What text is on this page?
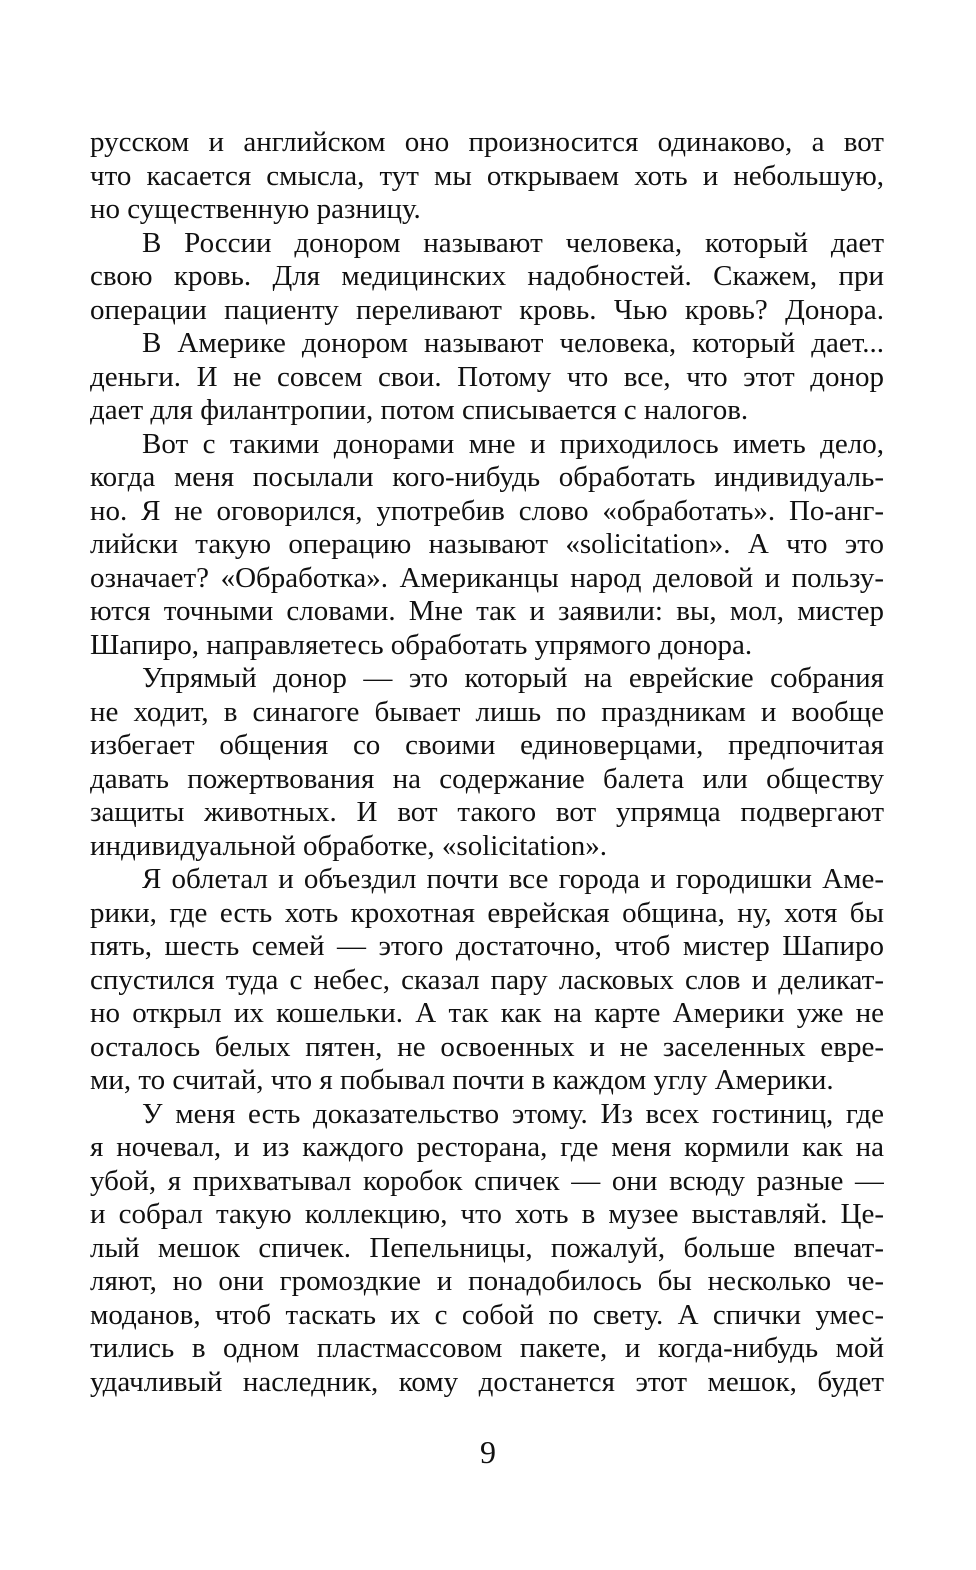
русском и английском оно произносится одинаково, а вот
что касается смысла, тут мы открываем хоть и небольшую,
но существенную разницу.

В России донором называют человека, который дает
свою кровь. Для медицинских надобностей. Скажем, при
операции пациенту переливают кровь. Чью кровь? Донора.

В Америке донором называют человека, который дает...
деньги. И не совсем свои. Потому что все, что этот донор
дает для филантропии, потом списывается с налогов.

Вот с такими донорами мне и приходилось иметь дело,
когда меня посылали кого-нибудь обработать индивидуаль-
но. Я не оговорился, употребив слово «обработать». По-анг-
лийски такую операцию называют «solicitation». А что это
означает? «Обработка». Американцы народ деловой и пользу-
ются точными словами. Мне так и заявили: вы, мол, мистер
Шапиро, направляетесь обработать упрямого донора.

Упрямый донор — это который на еврейские собрания
не ходит, в синагоге бывает лишь по праздникам и вообще
избегает общения со своими единоверцами, предпочитая
давать пожертвования на содержание балета или обществу
защиты животных. И вот такого вот упрямца подвергают
индивидуальной обработке, «solicitation».

Я облетал и объездил почти все города и городишки Аме-
рики, где есть хоть крохотная еврейская община, ну, хотя бы
пять, шесть семей — этого достаточно, чтоб мистер Шапиро
спустился туда с небес, сказал пару ласковых слов и деликат-
но открыл их кошельки. А так как на карте Америки уже не
осталось белых пятен, не освоенных и не заселенных евре-
ми, то считай, что я побывал почти в каждом углу Америки.

У меня есть доказательство этому. Из всех гостиниц, где
я ночевал, и из каждого ресторана, где меня кормили как на
убой, я прихватывал коробок спичек — они всюду разные —
и собрал такую коллекцию, что хоть в музее выставляй. Це-
лый мешок спичек. Пепельницы, пожалуй, больше впечат-
ляют, но они громоздкие и понадобилось бы несколько че-
моданов, чтоб таскать их с собой по свету. А спички умес-
тились в одном пластмассовом пакете, и когда-нибудь мой
удачливый наследник, кому достанется этот мешок, будет

9
